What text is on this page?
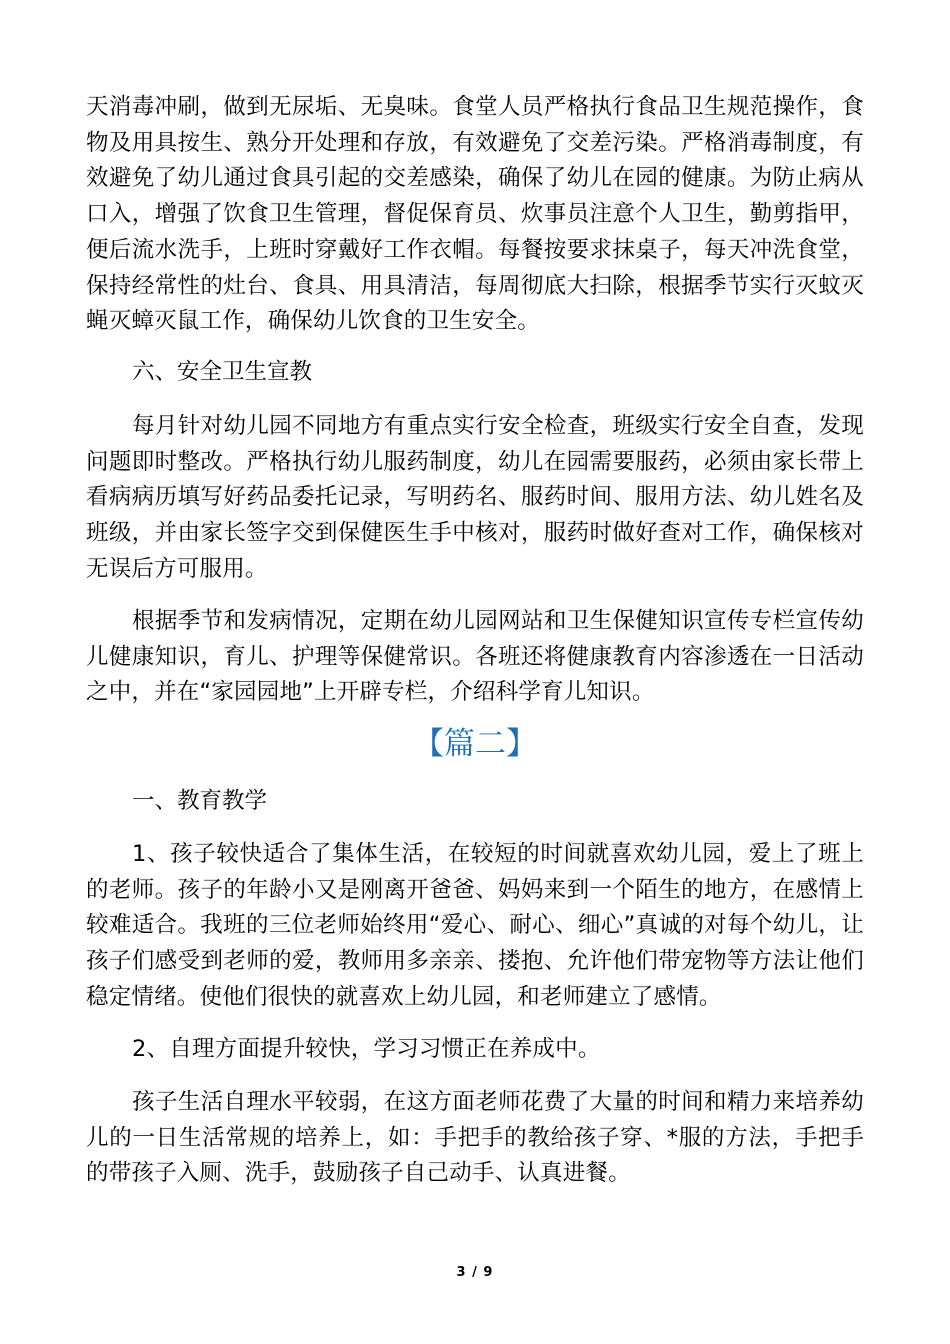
天消毒冲刷，做到无尿垢、无臭味。食堂人员严格执行食品卫生规范操作，食物及用具按生、熟分开处理和存放，有效避免了交差污染。严格消毒制度，有效避免了幼儿通过食具引起的交差感染，确保了幼儿在园的健康。为防止病从口入，增强了饮食卫生管理，督促保育员、炊事员注意个人卫生，勤剪指甲，便后流水洗手，上班时穿戴好工作衣帽。每餐按要求抹桌子，每天冲洗食堂，保持经常性的灶台、食具、用具清洁，每周彻底大扫除，根据季节实行灭蚊灭蝇灭蟑灭鼠工作，确保幼儿饮食的卫生安全。

六、安全卫生宣教

每月针对幼儿园不同地方有重点实行安全检查，班级实行安全自查，发现问题即时整改。严格执行幼儿服药制度，幼儿在园需要服药，必须由家长带上看病病历填写好药品委托记录，写明药名、服药时间、服用方法、幼儿姓名及班级，并由家长签字交到保健医生手中核对，服药时做好查对工作，确保核对无误后方可服用。

根据季节和发病情况，定期在幼儿园网站和卫生保健知识宣传专栏宣传幼儿健康知识，育儿、护理等保健常识。各班还将健康教育内容渗透在一日活动之中，并在“家园园地”上开辟专栏，介绍科学育儿知识。

【篇二】

一、教育教学

1、孩子较快适合了集体生活，在较短的时间就喜欢幼儿园，爱上了班上的老师。孩子的年龄小又是刚离开爸爸、妈妈来到一个陌生的地方，在感情上较难适合。我班的三位老师始终用“爱心、耐心、细心”真诚的对每个幼儿，让孩子们感受到老师的爱，教师用多亲亲、搂抱、允许他们带宠物等方法让他们稳定情绪。使他们很快的就喜欢上幼儿园，和老师建立了感情。

2、自理方面提升较快，学习习惯正在养成中。

孩子生活自理水平较弱，在这方面老师花费了大量的时间和精力来培养幼儿的一日生活常规的培养上，如：手把手的教给孩子穿、*服的方法，手把手的带孩子入厕、洗手，鼓励孩子自己动手、认真进餐。

3 / 9
